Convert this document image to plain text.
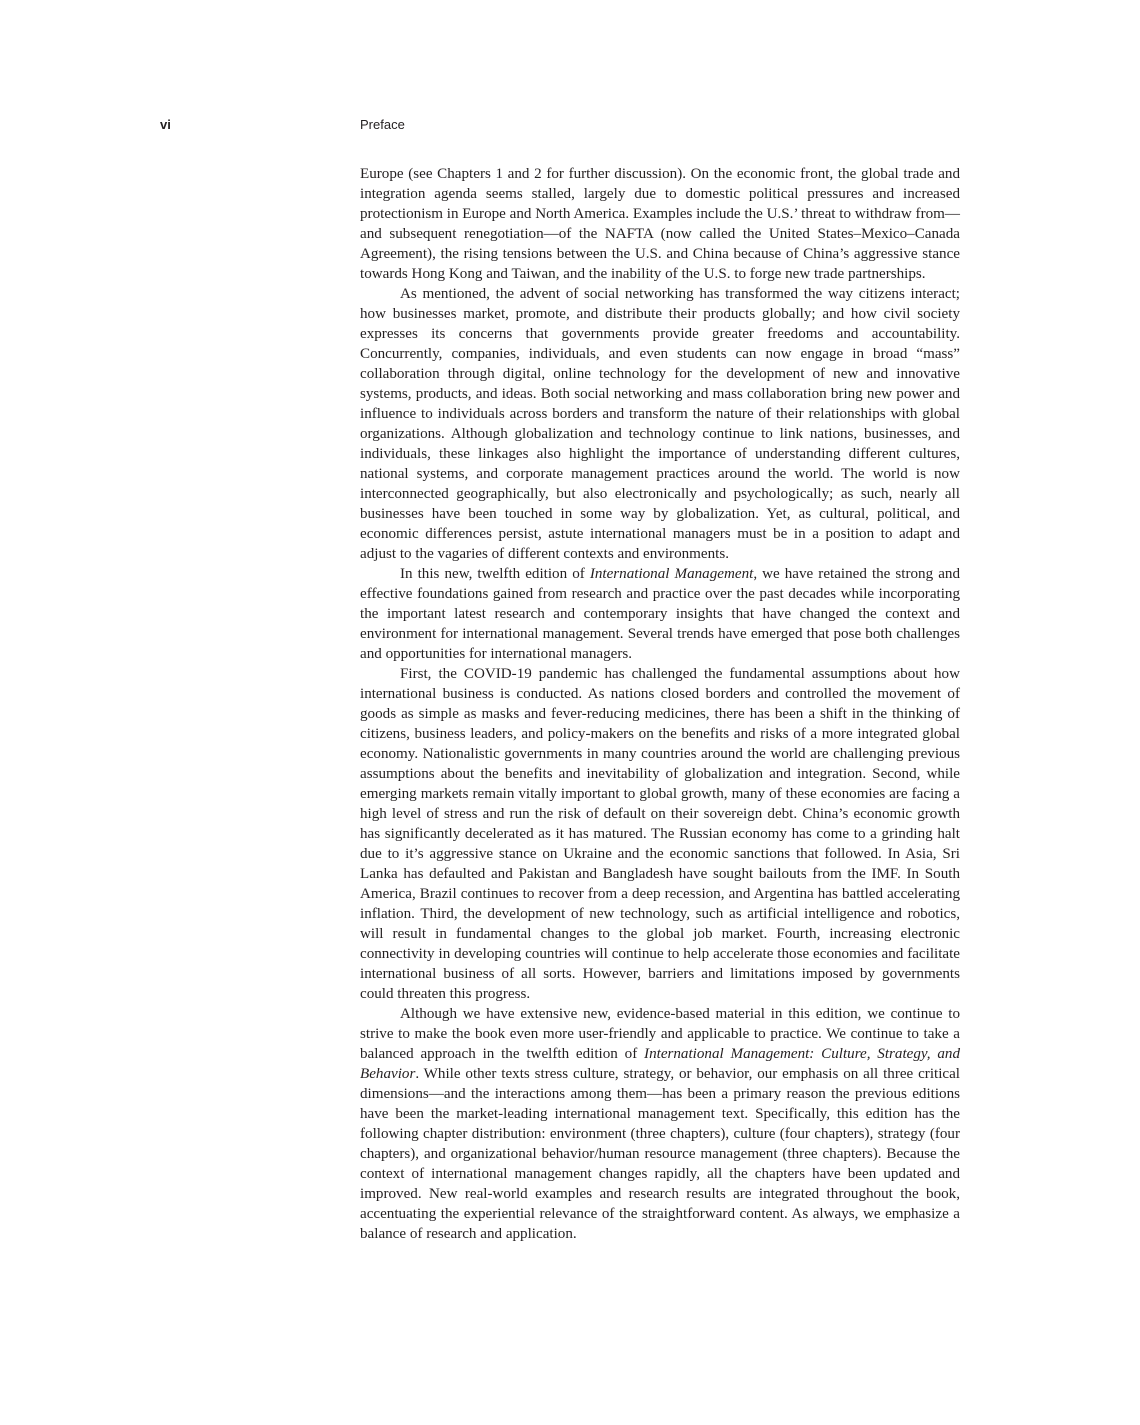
vi	Preface

Europe (see Chapters 1 and 2 for further discussion). On the economic front, the global trade and integration agenda seems stalled, largely due to domestic political pressures and increased protectionism in Europe and North America. Examples include the U.S.’ threat to withdraw from—and subsequent renegotiation—of the NAFTA (now called the United States–Mexico–Canada Agreement), the rising tensions between the U.S. and China because of China’s aggressive stance towards Hong Kong and Taiwan, and the inability of the U.S. to forge new trade partnerships.

As mentioned, the advent of social networking has transformed the way citizens interact; how businesses market, promote, and distribute their products globally; and how civil society expresses its concerns that governments provide greater freedoms and accountability. Concurrently, companies, individuals, and even students can now engage in broad “mass” collaboration through digital, online technology for the development of new and innovative systems, products, and ideas. Both social networking and mass collaboration bring new power and influence to individuals across borders and transform the nature of their relationships with global organizations. Although globalization and technology continue to link nations, businesses, and individuals, these linkages also highlight the importance of understanding different cultures, national systems, and corporate management practices around the world. The world is now interconnected geographically, but also electronically and psychologically; as such, nearly all businesses have been touched in some way by globalization. Yet, as cultural, political, and economic differences persist, astute international managers must be in a position to adapt and adjust to the vagaries of different contexts and environments.

In this new, twelfth edition of International Management, we have retained the strong and effective foundations gained from research and practice over the past decades while incorporating the important latest research and contemporary insights that have changed the context and environment for international management. Several trends have emerged that pose both challenges and opportunities for international managers.

First, the COVID-19 pandemic has challenged the fundamental assumptions about how international business is conducted. As nations closed borders and controlled the movement of goods as simple as masks and fever-reducing medicines, there has been a shift in the thinking of citizens, business leaders, and policy-makers on the benefits and risks of a more integrated global economy. Nationalistic governments in many countries around the world are challenging previous assumptions about the benefits and inevitability of globalization and integration. Second, while emerging markets remain vitally important to global growth, many of these economies are facing a high level of stress and run the risk of default on their sovereign debt. China’s economic growth has significantly decelerated as it has matured. The Russian economy has come to a grinding halt due to it’s aggressive stance on Ukraine and the economic sanctions that followed. In Asia, Sri Lanka has defaulted and Pakistan and Bangladesh have sought bailouts from the IMF. In South America, Brazil continues to recover from a deep recession, and Argentina has battled accelerating inflation. Third, the development of new technology, such as artificial intelligence and robotics, will result in fundamental changes to the global job market. Fourth, increasing electronic connectivity in developing countries will continue to help accelerate those economies and facilitate international business of all sorts. However, barriers and limitations imposed by governments could threaten this progress.

Although we have extensive new, evidence-based material in this edition, we continue to strive to make the book even more user-friendly and applicable to practice. We continue to take a balanced approach in the twelfth edition of International Management: Culture, Strategy, and Behavior. While other texts stress culture, strategy, or behavior, our emphasis on all three critical dimensions—and the interactions among them—has been a primary reason the previous editions have been the market-leading international management text. Specifically, this edition has the following chapter distribution: environment (three chapters), culture (four chapters), strategy (four chapters), and organizational behavior/human resource management (three chapters). Because the context of international management changes rapidly, all the chapters have been updated and improved. New real-world examples and research results are integrated throughout the book, accentuating the experiential relevance of the straightforward content. As always, we emphasize a balance of research and application.
